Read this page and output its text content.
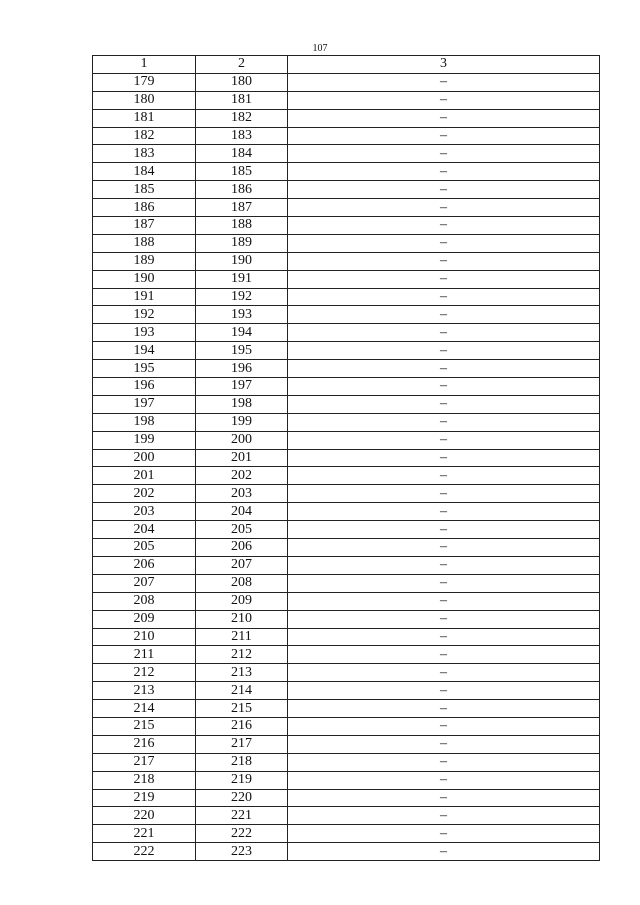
107
1	2	3
179	180	–
180	181	–
181	182	–
182	183	–
183	184	–
184	185	–
185	186	–
186	187	–
187	188	–
188	189	–
189	190	–
190	191	–
191	192	–
192	193	–
193	194	–
194	195	–
195	196	–
196	197	–
197	198	–
198	199	–
199	200	–
200	201	–
201	202	–
202	203	–
203	204	–
204	205	–
205	206	–
206	207	–
207	208	–
208	209	–
209	210	–
210	211	–
211	212	–
212	213	–
213	214	–
214	215	–
215	216	–
216	217	–
217	218	–
218	219	–
219	220	–
220	221	–
221	222	–
222	223	–
